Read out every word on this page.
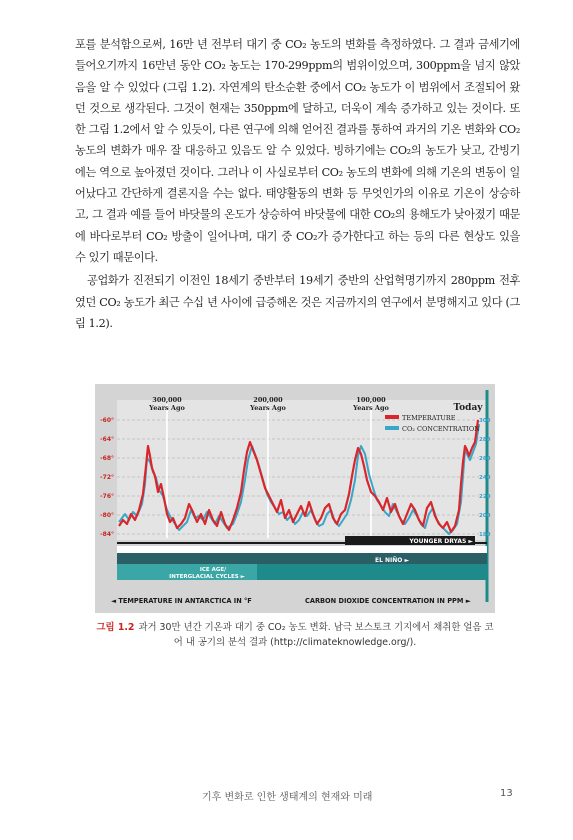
포를 분석함으로써, 16만 년 전부터 대기 중 CO₂ 농도의 변화를 측정하였다. 그 결과 금세기에 들어오기까지 16만년 동안 CO₂ 농도는 170-299ppm의 범위이었으며, 300ppm을 넘지 않았음을 알 수 있었다 (그림 1.2). 자연계의 탄소순환 중에서 CO₂ 농도가 이 범위에서 조절되어 왔던 것으로 생각된다. 그것이 현재는 350ppm에 달하고, 더욱이 계속 증가하고 있는 것이다. 또한 그림 1.2에서 알 수 있듯이, 다른 연구에 의해 얻어진 결과를 통하여 과거의 기온 변화와 CO₂농도의 변화가 매우 잘 대응하고 있음도 알 수 있었다. 빙하기에는 CO₂의 농도가 낮고, 간빙기에는 역으로 높아졌던 것이다. 그러나 이 사실로부터 CO₂ 농도의 변화에 의해 기온의 변동이 일어났다고 간단하게 결론지을 수는 없다. 태양활동의 변화 등 무엇인가의 이유로 기온이 상승하고, 그 결과 예를 들어 바닷물의 온도가 상승하여 바닷물에 대한 CO₂의 용해도가 낮아졌기 때문에 바다로부터 CO₂ 방출이 일어나며, 대기 중 CO₂가 증가한다고 하는 등의 다른 현상도 있을 수 있기 때문이다.

공업화가 진전되기 이전인 18세기 중반부터 19세기 중반의 산업혁명기까지 280ppm 전후였던 CO₂ 농도가 최근 수십 년 사이에 급증해온 것은 지금까지의 연구에서 분명해지고 있다 (그림 1.2).

300,000
Years Ago
200,000
Years Ago
100,000
Years Ago	Today
-60°
-64°
-68°
-72°
-76°
-80°
-84°
300
280
260
240
220
200
180
TEMPERATURE
CO₂ CONCENTRATION
YOUNGER DRYAS ►
EL NIÑO ►
ICE AGE/
INTERGLACIAL CYCLES ►
◄ TEMPERATURE IN ANTARCTICA IN °F	CARBON DIOXIDE CONCENTRATION IN PPM ►
그림 1.2 과거 30만 년간 기온과 대기 중 CO₂ 농도 변화. 남극 보스토크 기지에서 채취한 얼음 코어 내 공기의 분석 결과 (http://climateknowledge.org/).
기후 변화로 인한 생태계의 현재와 미래	13
